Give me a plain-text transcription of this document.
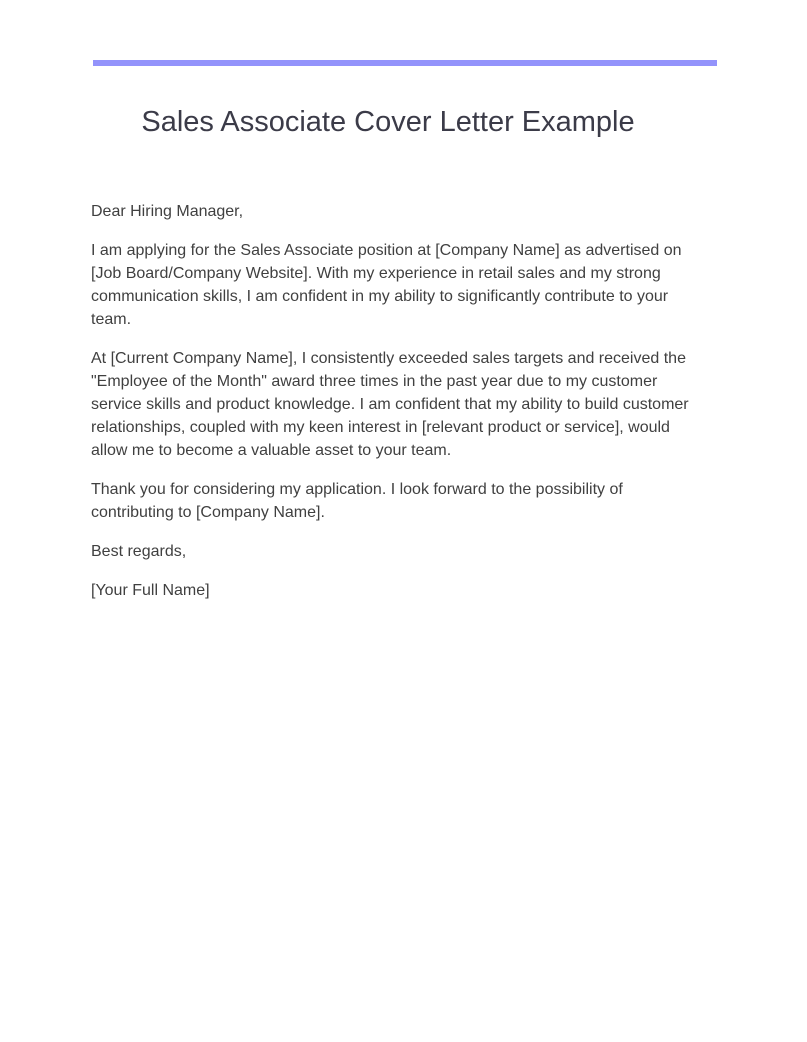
Sales Associate Cover Letter Example

Dear Hiring Manager,

I am applying for the Sales Associate position at [Company Name] as advertised on [Job Board/Company Website]. With my experience in retail sales and my strong communication skills, I am confident in my ability to significantly contribute to your team.

At [Current Company Name], I consistently exceeded sales targets and received the "Employee of the Month" award three times in the past year due to my customer service skills and product knowledge. I am confident that my ability to build customer relationships, coupled with my keen interest in [relevant product or service], would allow me to become a valuable asset to your team.

Thank you for considering my application. I look forward to the possibility of contributing to [Company Name].

Best regards,

[Your Full Name]
